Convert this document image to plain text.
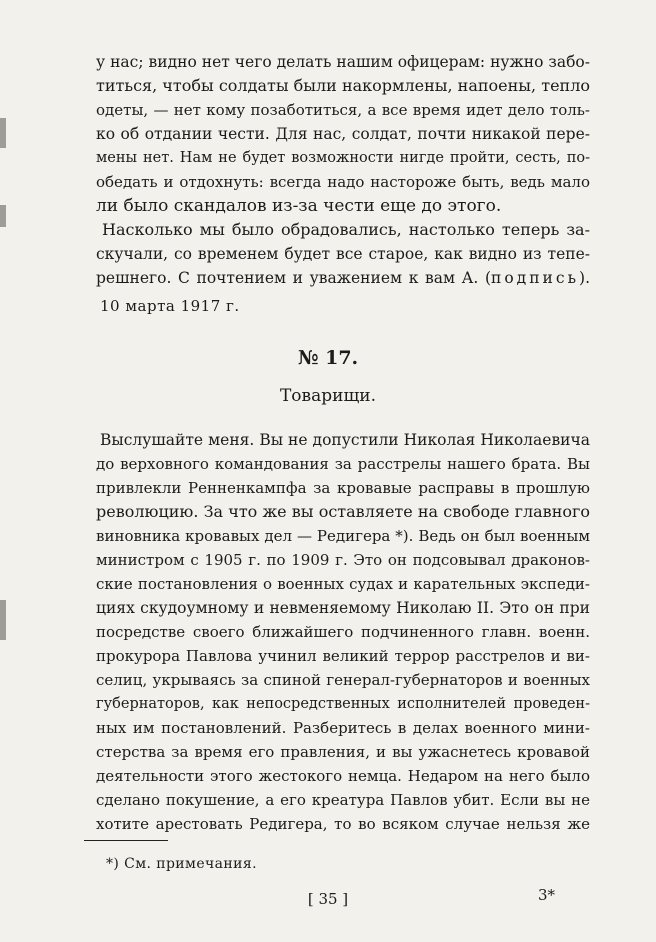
у нас; видно нет чего делать нашим офицерам: нужно забо-
титься, чтобы солдаты были накормлены, напоены, тепло
одеты, — нет кому позаботиться, а все время идет дело толь-
ко об отдании чести. Для нас, солдат, почти никакой пере-
мены нет. Нам не будет возможности нигде пройти, сесть, по-
обедать и отдохнуть: всегда надо настороже быть, ведь мало
ли было скандалов из-за чести еще до этого.
Насколько мы было обрадовались, настолько теперь за-
скучали, со временем будет все старое, как видно из тепе-
решнего. С почтением и уважением к вам А. (подпись).
10 марта 1917 г.
№ 17.
Товарищи.
Выслушайте меня. Вы не допустили Николая Николаевича
до верховного командования за расстрелы нашего брата. Вы
привлекли Ренненкампфа за кровавые расправы в прошлую
революцию. За что же вы оставляете на свободе главного
виновника кровавых дел — Редигера *). Ведь он был военным
министром с 1905 г. по 1909 г. Это он подсовывал драконов-
ские постановления о военных судах и карательных экспеди-
циях скудоумному и невменяемому Николаю II. Это он при
посредстве своего ближайшего подчиненного главн. военн.
прокурора Павлова учинил великий террор расстрелов и ви-
селиц, укрываясь за спиной генерал-губернаторов и военных
губернаторов, как непосредственных исполнителей проведен-
ных им постановлений. Разберитесь в делах военного мини-
стерства за время его правления, и вы ужаснетесь кровавой
деятельности этого жестокого немца. Недаром на него было
сделано покушение, а его креатура Павлов убит. Если вы не
хотите арестовать Редигера, то во всяком случае нельзя же
*) См. примечания.
[ 35 ]	3*
